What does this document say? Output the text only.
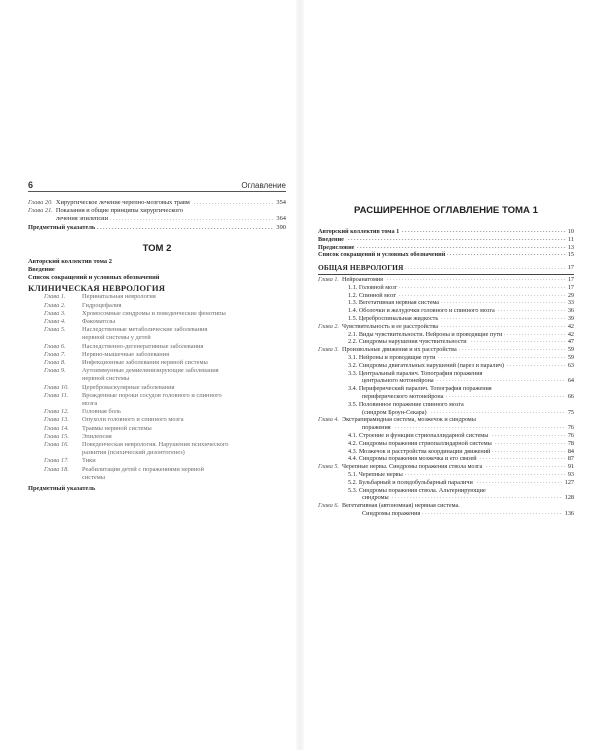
6	Оглавление
Глава 20. Хирургическое лечение черепно-мозговых травм . . .	354
Глава 21. Показания и общие принципы хирургического
лечения эпилепсии . . .	364
Предметный указатель . . .	390
ТОМ 2
Авторский коллектив тома 2
Введение
Список сокращений и условных обозначений
КЛИНИЧЕСКАЯ НЕВРОЛОГИЯ
Глава 1.	Перинатальная неврология
Глава 2.	Гидроцефалия
Глава 3.	Хромосомные синдромы и поведенческие фенотипы
Глава 4.	Факоматозы
Глава 5.	Наследственные метаболические заболевания
нервной системы у детей
Глава 6.	Наследственно-дегенеративные заболевания
Глава 7.	Нервно-мышечные заболевания
Глава 8.	Инфекционные заболевания нервной системы
Глава 9.	Аутоиммунные демиелинизирующие заболевания
нервной системы
Глава 10.	Цереброваскулярные заболевания
Глава 11.	Врожденные пороки сосудов головного и спинного
мозга
Глава 12.	Головная боль
Глава 13.	Опухоли головного и спинного мозга
Глава 14.	Травмы нервной системы
Глава 15.	Эпилепсия
Глава 16.	Поведенческая неврология. Нарушения психического
развития (психический дизонтогенез)
Глава 17.	Тики
Глава 18.	Реабилитация детей с поражениями нервной
системы
Предметный указатель
РАСШИРЕННОЕ ОГЛАВЛЕНИЕ ТОМА 1
Авторский коллектив тома 1 . . .	10
Введение . . .	11
Предисловие . . .	13
Список сокращений и условных обозначений . . .	15
ОБЩАЯ НЕВРОЛОГИЯ . . .	17
Глава 1. Нейроанатомия . . .	17
1.1. Головной мозг . . .	17
1.2. Спинной мозг . . .	29
1.3. Вегетативная нервная система . . .	33
1.4. Оболочки и желудочки головного и спинного мозга . . .	36
1.5. Цереброспинальная жидкость . . .	39
Глава 2. Чувствительность и ее расстройства . . .	42
2.1. Виды чувствительности. Нейроны и проводящие пути . . .	42
2.2. Синдромы нарушения чувствительности . . .	47
Глава 3. Произвольные движения и их расстройства . . .	59
3.1. Нейроны и проводящие пути . . .	59
3.2. Синдромы двигательных нарушений (парез и паралич) . . .	63
3.3. Центральный паралич. Топография поражения
центрального мотонейрона . . .	64
3.4. Периферический паралич. Топография поражения
периферического мотонейрона . . .	66
3.5. Половинное поражение спинного мозга
(синдром Броун-Секара) . . .	75
Глава 4. Экстрапирамидная система, мозжечок и синдромы
поражения . . .	76
4.1. Строение и функции стриопаллидарной системы . . .	76
4.2. Синдромы поражения стриопаллидарной системы . . .	78
4.3. Мозжечок и расстройства координации движений . . .	84
4.4. Синдромы поражения мозжечка и его связей . . .	87
Глава 5. Черепные нервы. Синдромы поражения ствола мозга . . .	91
5.1. Черепные нервы . . .	93
5.2. Бульбарный и псевдобульбарный параличи . . .	127
5.3. Синдромы поражения ствола. Альтернирующие
синдромы . . .	128
Глава 6. Вегетативная (автономная) нервная система.
Синдромы поражения . . .	136
